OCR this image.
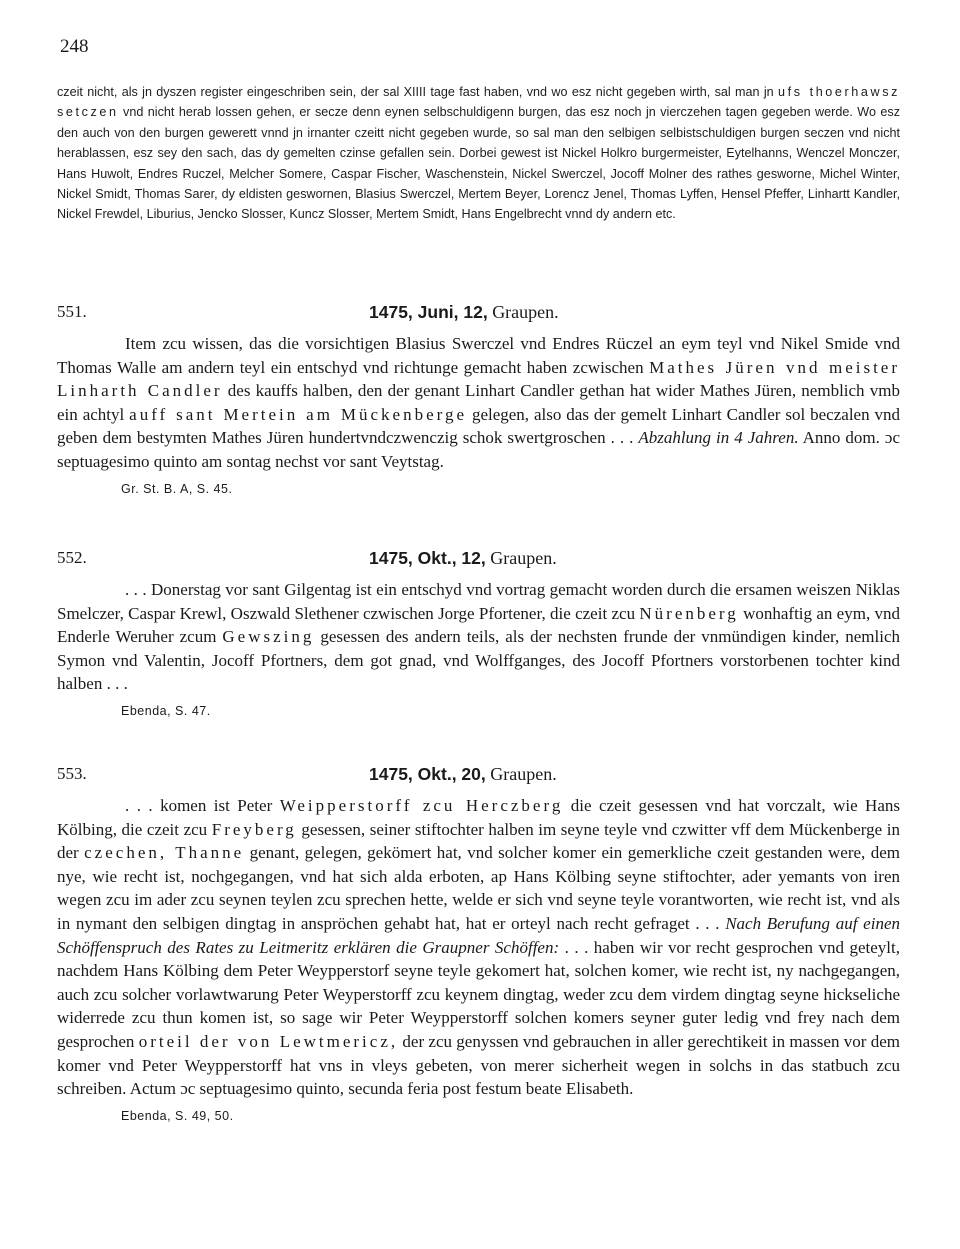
248
czeit nicht, als jn dyszen register eingeschriben sein, der sal XIIII tage fast haben, vnd wo esz nicht gegeben wirth, sal man jn ufs thoerhawsz setczen vnd nicht herab lossen gehen, er secze denn eynen selbschuldigenn burgen, das esz noch jn vierczehen tagen gegeben werde. Wo esz den auch von den burgen gewerett vnnd jn irnanter czeitt nicht gegeben wurde, so sal man den selbigen selbistschuldigen burgen seczen vnd nicht herablassen, esz sey den sach, das dy gemelten czinse gefallen sein. Dorbei gewest ist Nickel Holkro burgermeister, Eytelhanns, Wenczel Monczer, Hans Huwolt, Endres Ruczel, Melcher Somere, Caspar Fischer, Waschenstein, Nickel Swerczel, Jocoff Molner des rathes geswornе, Michel Winter, Nickel Smidt, Thomas Sarer, dy eldisten geswornen, Blasius Swerczel, Mertem Beyer, Lorencz Jenel, Thomas Lyffen, Hensel Pfeffer, Linhartt Kandler, Nickel Frewdel, Liburius, Jencko Slosser, Kuncz Slosser, Mertem Smidt, Hans Engelbrecht vnnd dy andern etc.
551.	1475, Juni, 12, Graupen.
Item zcu wissen, das die vorsichtigen Blasius Swerczel vnd Endres Rüczel an eym teyl vnd Nikel Smide vnd Thomas Walle am andern teyl ein entschyd vnd richtunge gemacht haben zcwischen Mathes Jüren vnd meister Linharth Candler des kauffs halben, den der genant Linhart Candler gethan hat wider Mathes Jüren, nemblich vmb ein achtyl auff sant Mertein am Mückenberge gelegen, also das der gemelt Linhart Candler sol beczalen vnd geben dem bestymten Mathes Jüren hundertvndczwenczig schok swertgroschen . . . Abzahlung in 4 Jahren. Anno dom. ɔc septuagesimo quinto am sontag nechst vor sant Veytstag.
Gr. St. B. A, S. 45.
552.	1475, Okt., 12, Graupen.
. . . Donerstag vor sant Gilgentag ist ein entschyd vnd vortrag gemacht worden durch die ersamen weiszen Niklas Smelczer, Caspar Krewl, Oszwald Slethener czwischen Jorge Pfortener, die czeit zcu Nürenberg wonhaftig an eym, vnd Enderle Weruher zcum Gewszing gesessen des andern teils, als der nechsten frunde der vnmündigen kinder, nemlich Symon vnd Valentin, Jocoff Pfortners, dem got gnad, vnd Wolffganges, des Jocoff Pfortners vorstorbenen tochter kind halben . . .
Ebenda, S. 47.
553.	1475, Okt., 20, Graupen.
. . . komen ist Peter Weipperstorff zcu Herczberg die czeit gesessen vnd hat vorczalt, wie Hans Kölbing, die czeit zcu Freyberg gesessen, seiner stiftochter halben im seyne teyle vnd czwitter vff dem Mückenberge in der czechen, Thanne genant, gelegen, gekömert hat, vnd solcher komer ein gemerkliche czeit gestanden were, dem nye, wie recht ist, nochgegangen, vnd hat sich alda erboten, ap Hans Kölbing seyne stiftochter, ader yemants von iren wegen zcu im ader zcu seynen teylen zcu sprechen hette, welde er sich vnd seyne teyle vorantworten, wie recht ist, vnd als in nymant den selbigen dingtag in anspröchen gehabt hat, hat er orteyl nach recht gefraget . . . Nach Berufung auf einen Schöffenspruch des Rates zu Leitmeritz erklären die Graupner Schöffen: . . . haben wir vor recht gesprochen vnd geteylt, nachdem Hans Kölbing dem Peter Weypperstorf seyne teyle gekomert hat, solchen komer, wie recht ist, ny nachgegangen, auch zcu solcher vorlawtwarung Peter Weyperstorff zcu keynem dingtag, weder zcu dem virdem dingtag seyne hickseliche widerrede zcu thun komen ist, so sage wir Peter Weypperstorff solchen komers seyner guter ledig vnd frey nach dem gesprochen orteil der von Lewtmericz, der zcu genyssen vnd gebrauchen in aller gerechtikeit in massen vor dem komer vnd Peter Weypperstorff hat vns in vleys gebeten, von merer sicherheit wegen in solchs in das statbuch zcu schreiben. Actum ɔc septuagesimo quinto, secunda feria post festum beate Elisabeth.
Ebenda, S. 49, 50.
